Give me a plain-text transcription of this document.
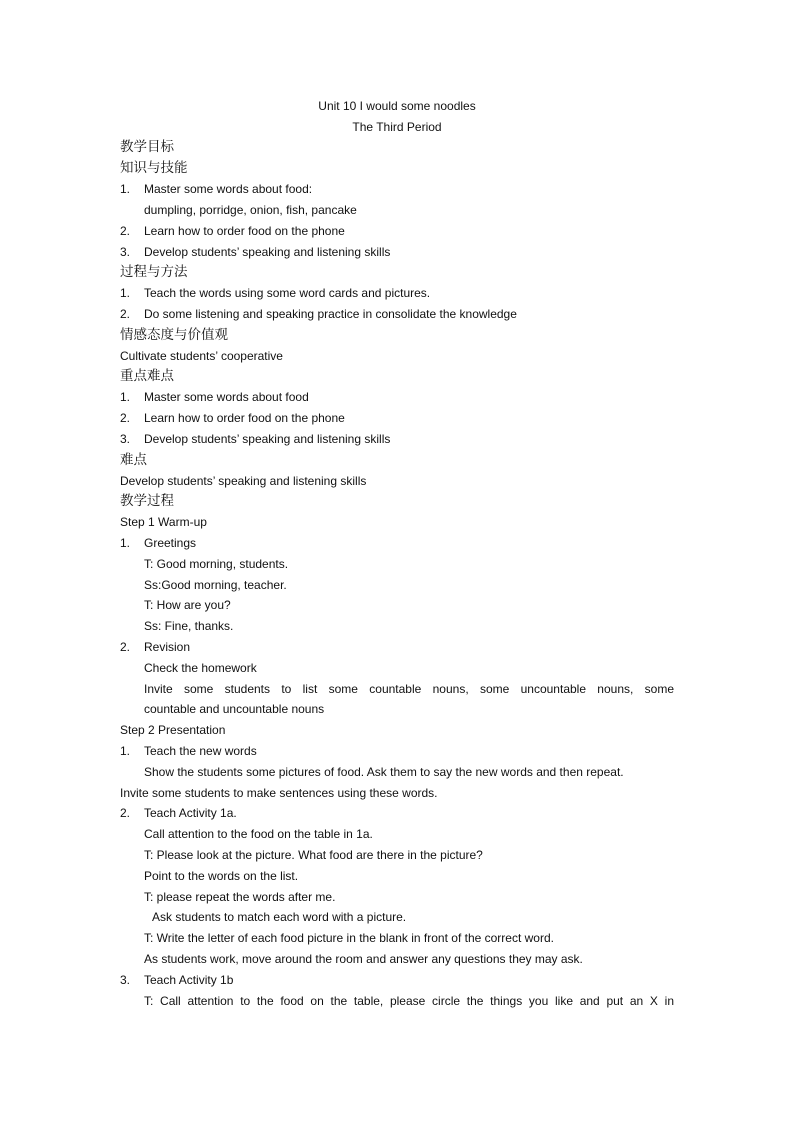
Unit 10 I would some noodles
The Third Period
教学目标
知识与技能
1. Master some words about food:
dumpling, porridge, onion, fish, pancake
2. Learn how to order food on the phone
3. Develop students’ speaking and listening skills
过程与方法
1. Teach the words using some word cards and pictures.
2. Do some listening and speaking practice in consolidate the knowledge
情感态度与价值观
Cultivate students’ cooperative
重点难点
1. Master some words about food
2. Learn how to order food on the phone
3. Develop students’ speaking and listening skills
难点
Develop students’ speaking and listening skills
教学过程
Step 1 Warm-up
1. Greetings
T: Good morning, students.
Ss:Good morning, teacher.
T: How are you?
Ss: Fine, thanks.
2. Revision
Check the homework
Invite some students to list some countable nouns, some uncountable nouns, some
countable and uncountable nouns
Step 2 Presentation
1. Teach the new words
Show the students some pictures of food. Ask them to say the new words and then repeat.
Invite some students to make sentences using these words.
2. Teach Activity 1a.
Call attention to the food on the table in 1a.
T: Please look at the picture. What food are there in the picture?
Point to the words on the list.
T: please repeat the words after me.
Ask students to match each word with a picture.
T: Write the letter of each food picture in the blank in front of the correct word.
As students work, move around the room and answer any questions they may ask.
3. Teach Activity 1b
T: Call attention to the food on the table, please circle the things you like and put an X in
